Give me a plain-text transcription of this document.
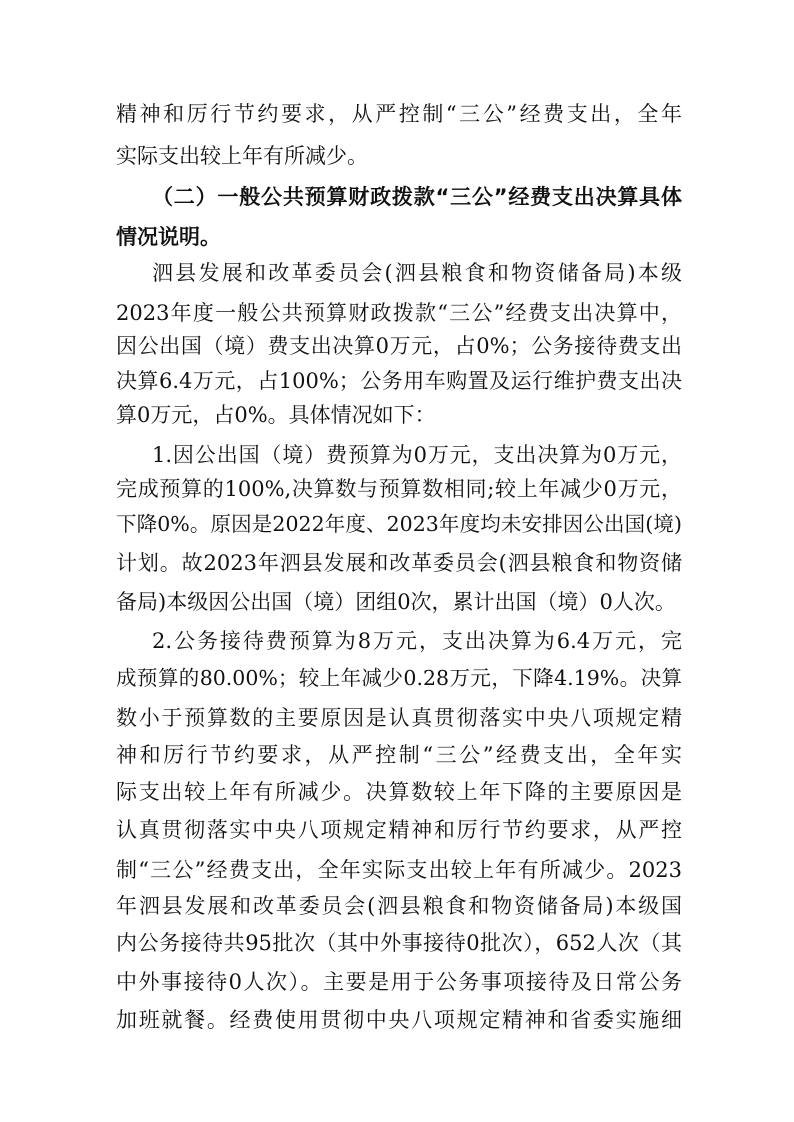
精神和厉行节约要求，从严控制“三公”经费支出，全年
实际支出较上年有所减少。
（二）一般公共预算财政拨款“三公”经费支出决算具体
情况说明。
泗县发展和改革委员会(泗县粮食和物资储备局)本级
2023年度一般公共预算财政拨款“三公”经费支出决算中，
因公出国（境）费支出决算0万元，占0%；公务接待费支出
决算6.4万元，占100%；公务用车购置及运行维护费支出决
算0万元，占0%。具体情况如下：
1.因公出国（境）费预算为0万元，支出决算为0万元，
完成预算的100%,决算数与预算数相同;较上年减少0万元，
下降0%。原因是2022年度、2023年度均未安排因公出国(境)
计划。故2023年泗县发展和改革委员会(泗县粮食和物资储
备局)本级因公出国（境）团组0次，累计出国（境）0人次。
2.公务接待费预算为8万元，支出决算为6.4万元，完
成预算的80.00%；较上年减少0.28万元，下降4.19%。决算
数小于预算数的主要原因是认真贯彻落实中央八项规定精
神和厉行节约要求，从严控制“三公”经费支出，全年实
际支出较上年有所减少。决算数较上年下降的主要原因是
认真贯彻落实中央八项规定精神和厉行节约要求，从严控
制“三公”经费支出，全年实际支出较上年有所减少。2023
年泗县发展和改革委员会(泗县粮食和物资储备局)本级国
内公务接待共95批次（其中外事接待0批次），652人次（其
中外事接待0人次）。主要是用于公务事项接待及日常公务
加班就餐。经费使用贯彻中央八项规定精神和省委实施细
